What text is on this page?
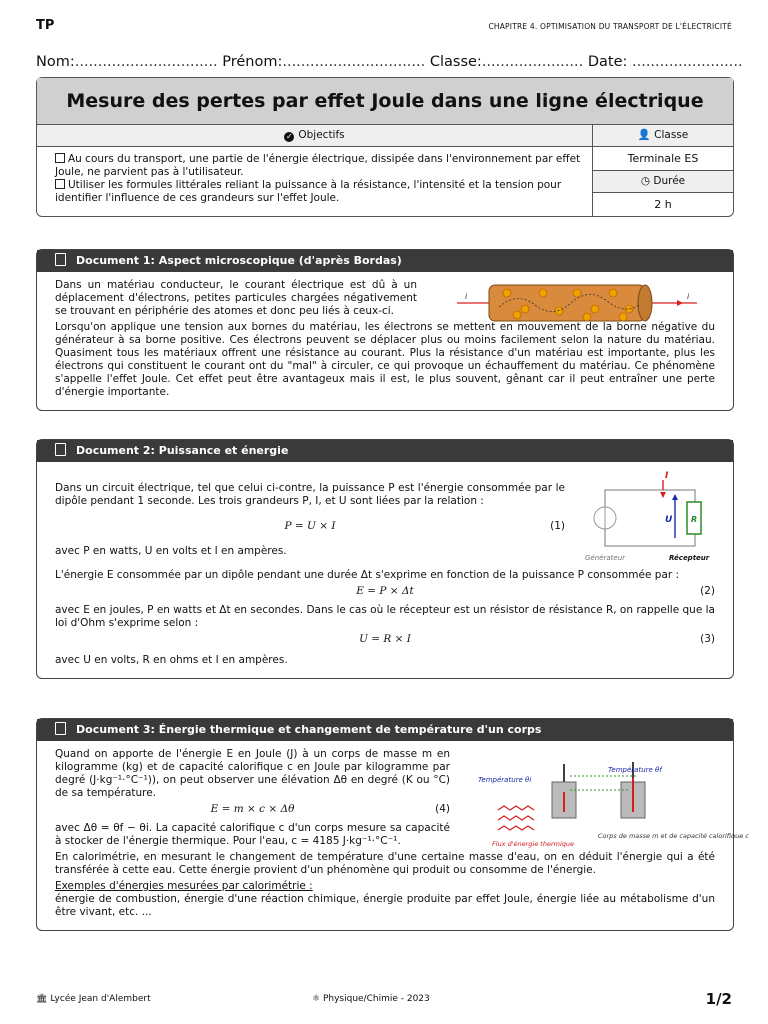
TP	CHAPITRE 4. OPTIMISATION DU TRANSPORT DE L'ÉLECTRICITÉ
Nom:............................... Prénom:............................... Classe:...................... Date: ........................
Mesure des pertes par effet Joule dans une ligne électrique
✓ Objectifs
Au cours du transport, une partie de l'énergie électrique, dissipée dans l'environnement par effet Joule, ne parvient pas à l'utilisateur.
Utiliser les formules littérales reliant la puissance à la résistance, l'intensité et la tension pour identifier l'influence de ces grandeurs sur l'effet Joule.
👤 Classe
Terminale ES
◷ Durée
2 h
Document 1: Aspect microscopique (d'après Bordas)

Dans un matériau conducteur, le courant électrique est dû à un déplacement d'électrons, petites particules chargées négativement se trouvant en périphérie des atomes et donc peu liés à ceux-ci.

i	i

Lorsqu'on applique une tension aux bornes du matériau, les électrons se mettent en mouvement de la borne négative du générateur à sa borne positive. Ces électrons peuvent se déplacer plus ou moins facilement selon la nature du matériau. Quasiment tous les matériaux offrent une résistance au courant. Plus la résistance d'un matériau est importante, plus les électrons qui constituent le courant ont du "mal" à circuler, ce qui provoque un échauffement du matériau. Ce phénomène s'appelle l'effet Joule. Cet effet peut être avantageux mais il est, le plus souvent, gênant car il peut entraîner une perte d'énergie importante.

Document 2: Puissance et énergie

Dans un circuit électrique, tel que celui ci-contre, la puissance P est l'énergie consommée par le dipôle pendant 1 seconde. Les trois grandeurs P, I, et U sont liées par la relation :

P = U × I	(1)

avec P en watts, U en volts et I en ampères.

I
U R
Générateur	Récepteur

L'énergie E consommée par un dipôle pendant une durée Δt s'exprime en fonction de la puissance P consommée par :

E = P × Δt	(2)

avec E en joules, P en watts et Δt en secondes. Dans le cas où le récepteur est un résistor de résistance R, on rappelle que la loi d'Ohm s'exprime selon :

U = R × I	(3)

avec U en volts, R en ohms et I en ampères.

Document 3: Énergie thermique et changement de température d'un corps

Quand on apporte de l'énergie E en Joule (J) à un corps de masse m en kilogramme (kg) et de capacité calorifique c en Joule par kilogramme par degré (J·kg⁻¹·°C⁻¹)), on peut observer une élévation Δθ en degré (K ou °C) de sa température.

E = m × c × Δθ	(4)

avec Δθ = θf − θi. La capacité calorifique c d'un corps mesure sa capacité à stocker de l'énergie thermique. Pour l'eau, c = 4185 J·kg⁻¹·°C⁻¹.

Température θi
Température θf
Flux d'énergie thermique
Corps de masse m et de capacité calorifique c

En calorimétrie, en mesurant le changement de température d'une certaine masse d'eau, on en déduit l'énergie qui a été transférée à cette eau. Cette énergie provient d'un phénomène qui produit ou consomme de l'énergie.

Exemples d'énergies mesurées par calorimétrie :

énergie de combustion, énergie d'une réaction chimique, énergie produite par effet Joule, énergie liée au métabolisme d'un être vivant, etc. ...

🏛 Lycée Jean d'Alembert	⚛ Physique/Chimie - 2023	1/2
